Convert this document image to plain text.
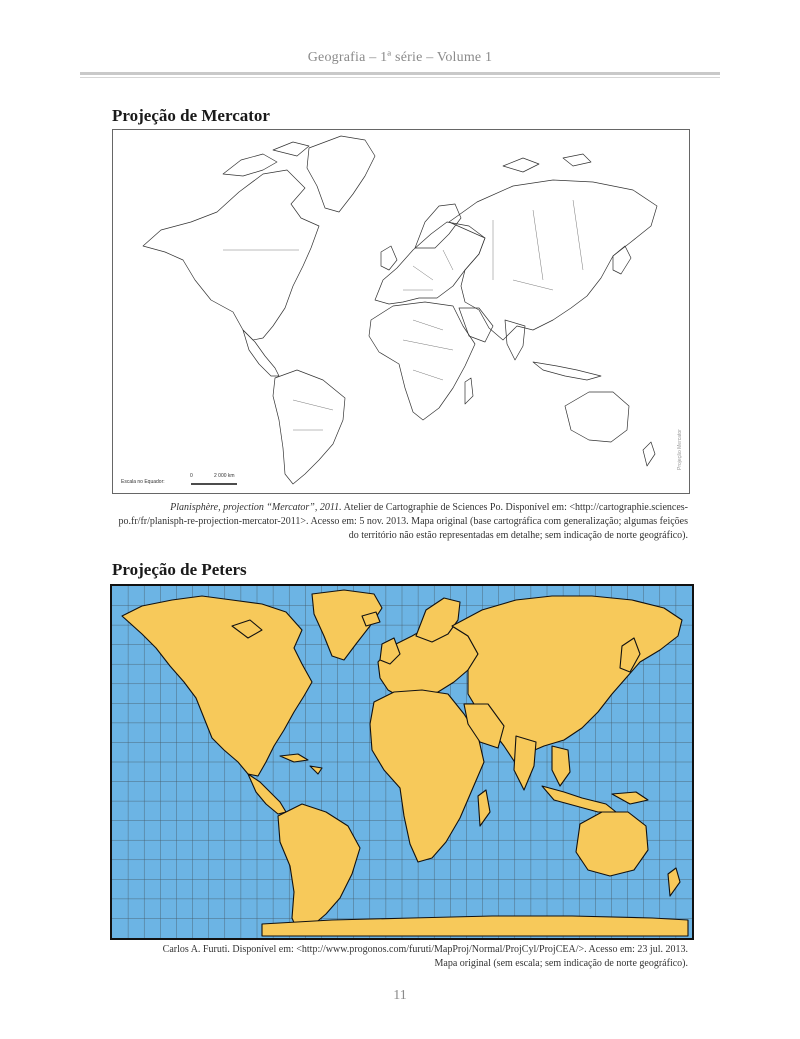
Geografia – 1ª série – Volume 1
Projeção de Mercator
Escala no Equador:
0	2 000 km
Projeção Mercator
Planisphère, projection “Mercator”, 2011. Atelier de Cartographie de Sciences Po. Disponível em: <http://cartographie.sciences-po.fr/fr/planisph-re-projection-mercator-2011>. Acesso em: 5 nov. 2013. Mapa original (base cartográfica com generalização; algumas feições do território não estão representadas em detalhe; sem indicação de norte geográfico).
Projeção de Peters
Carlos A. Furuti. Disponível em: <http://www.progonos.com/furuti/MapProj/Normal/ProjCyl/ProjCEA/>. Acesso em: 23 jul. 2013.
Mapa original (sem escala; sem indicação de norte geográfico).
11
